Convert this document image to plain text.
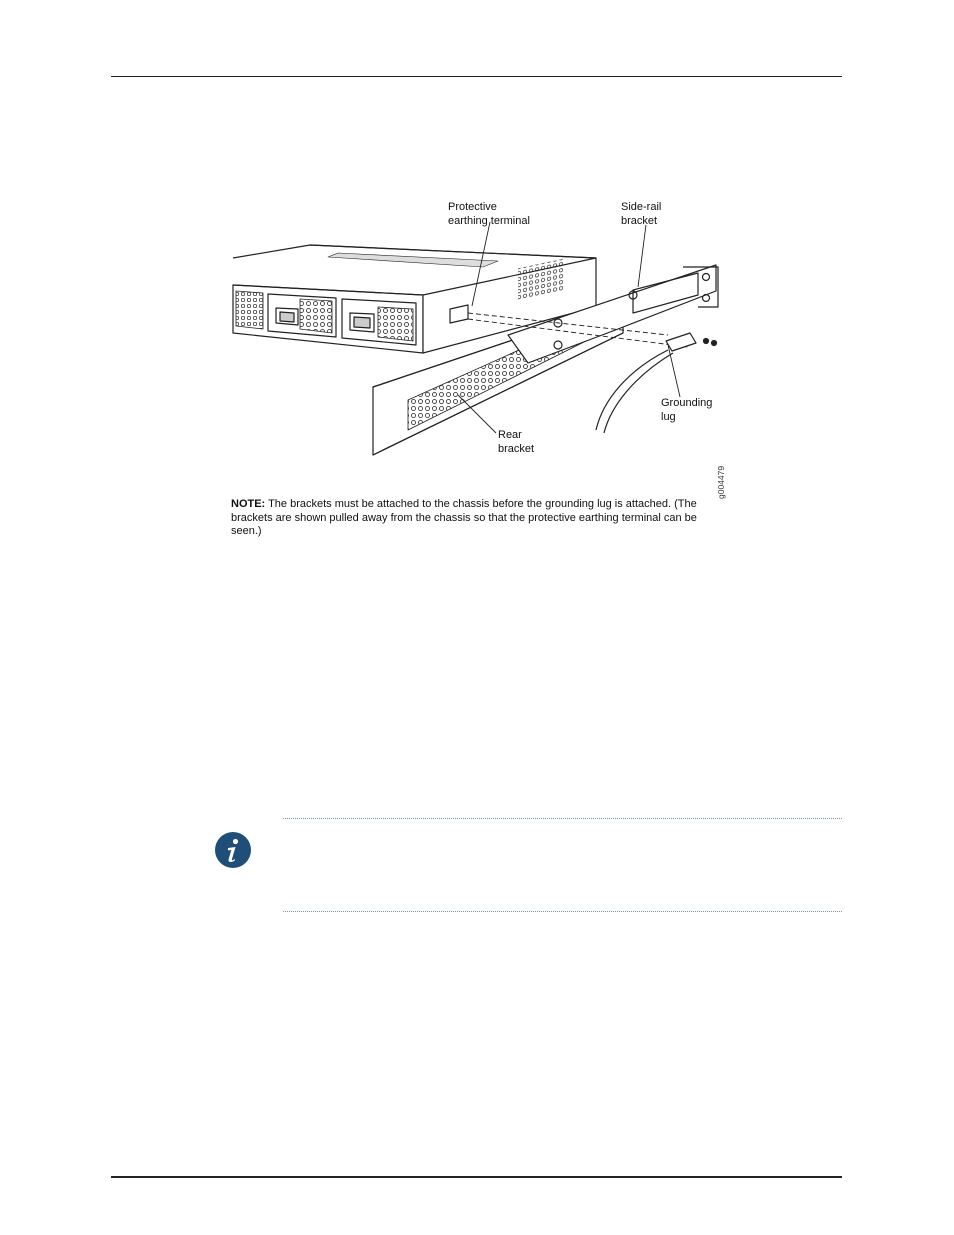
Protective
earthing terminal
Side-rail
bracket
Grounding
lug
Rear
bracket
g004479
NOTE: The brackets must be attached to the chassis before the grounding lug is attached. (The brackets are shown pulled away from the chassis so that the protective earthing terminal can be seen.)
